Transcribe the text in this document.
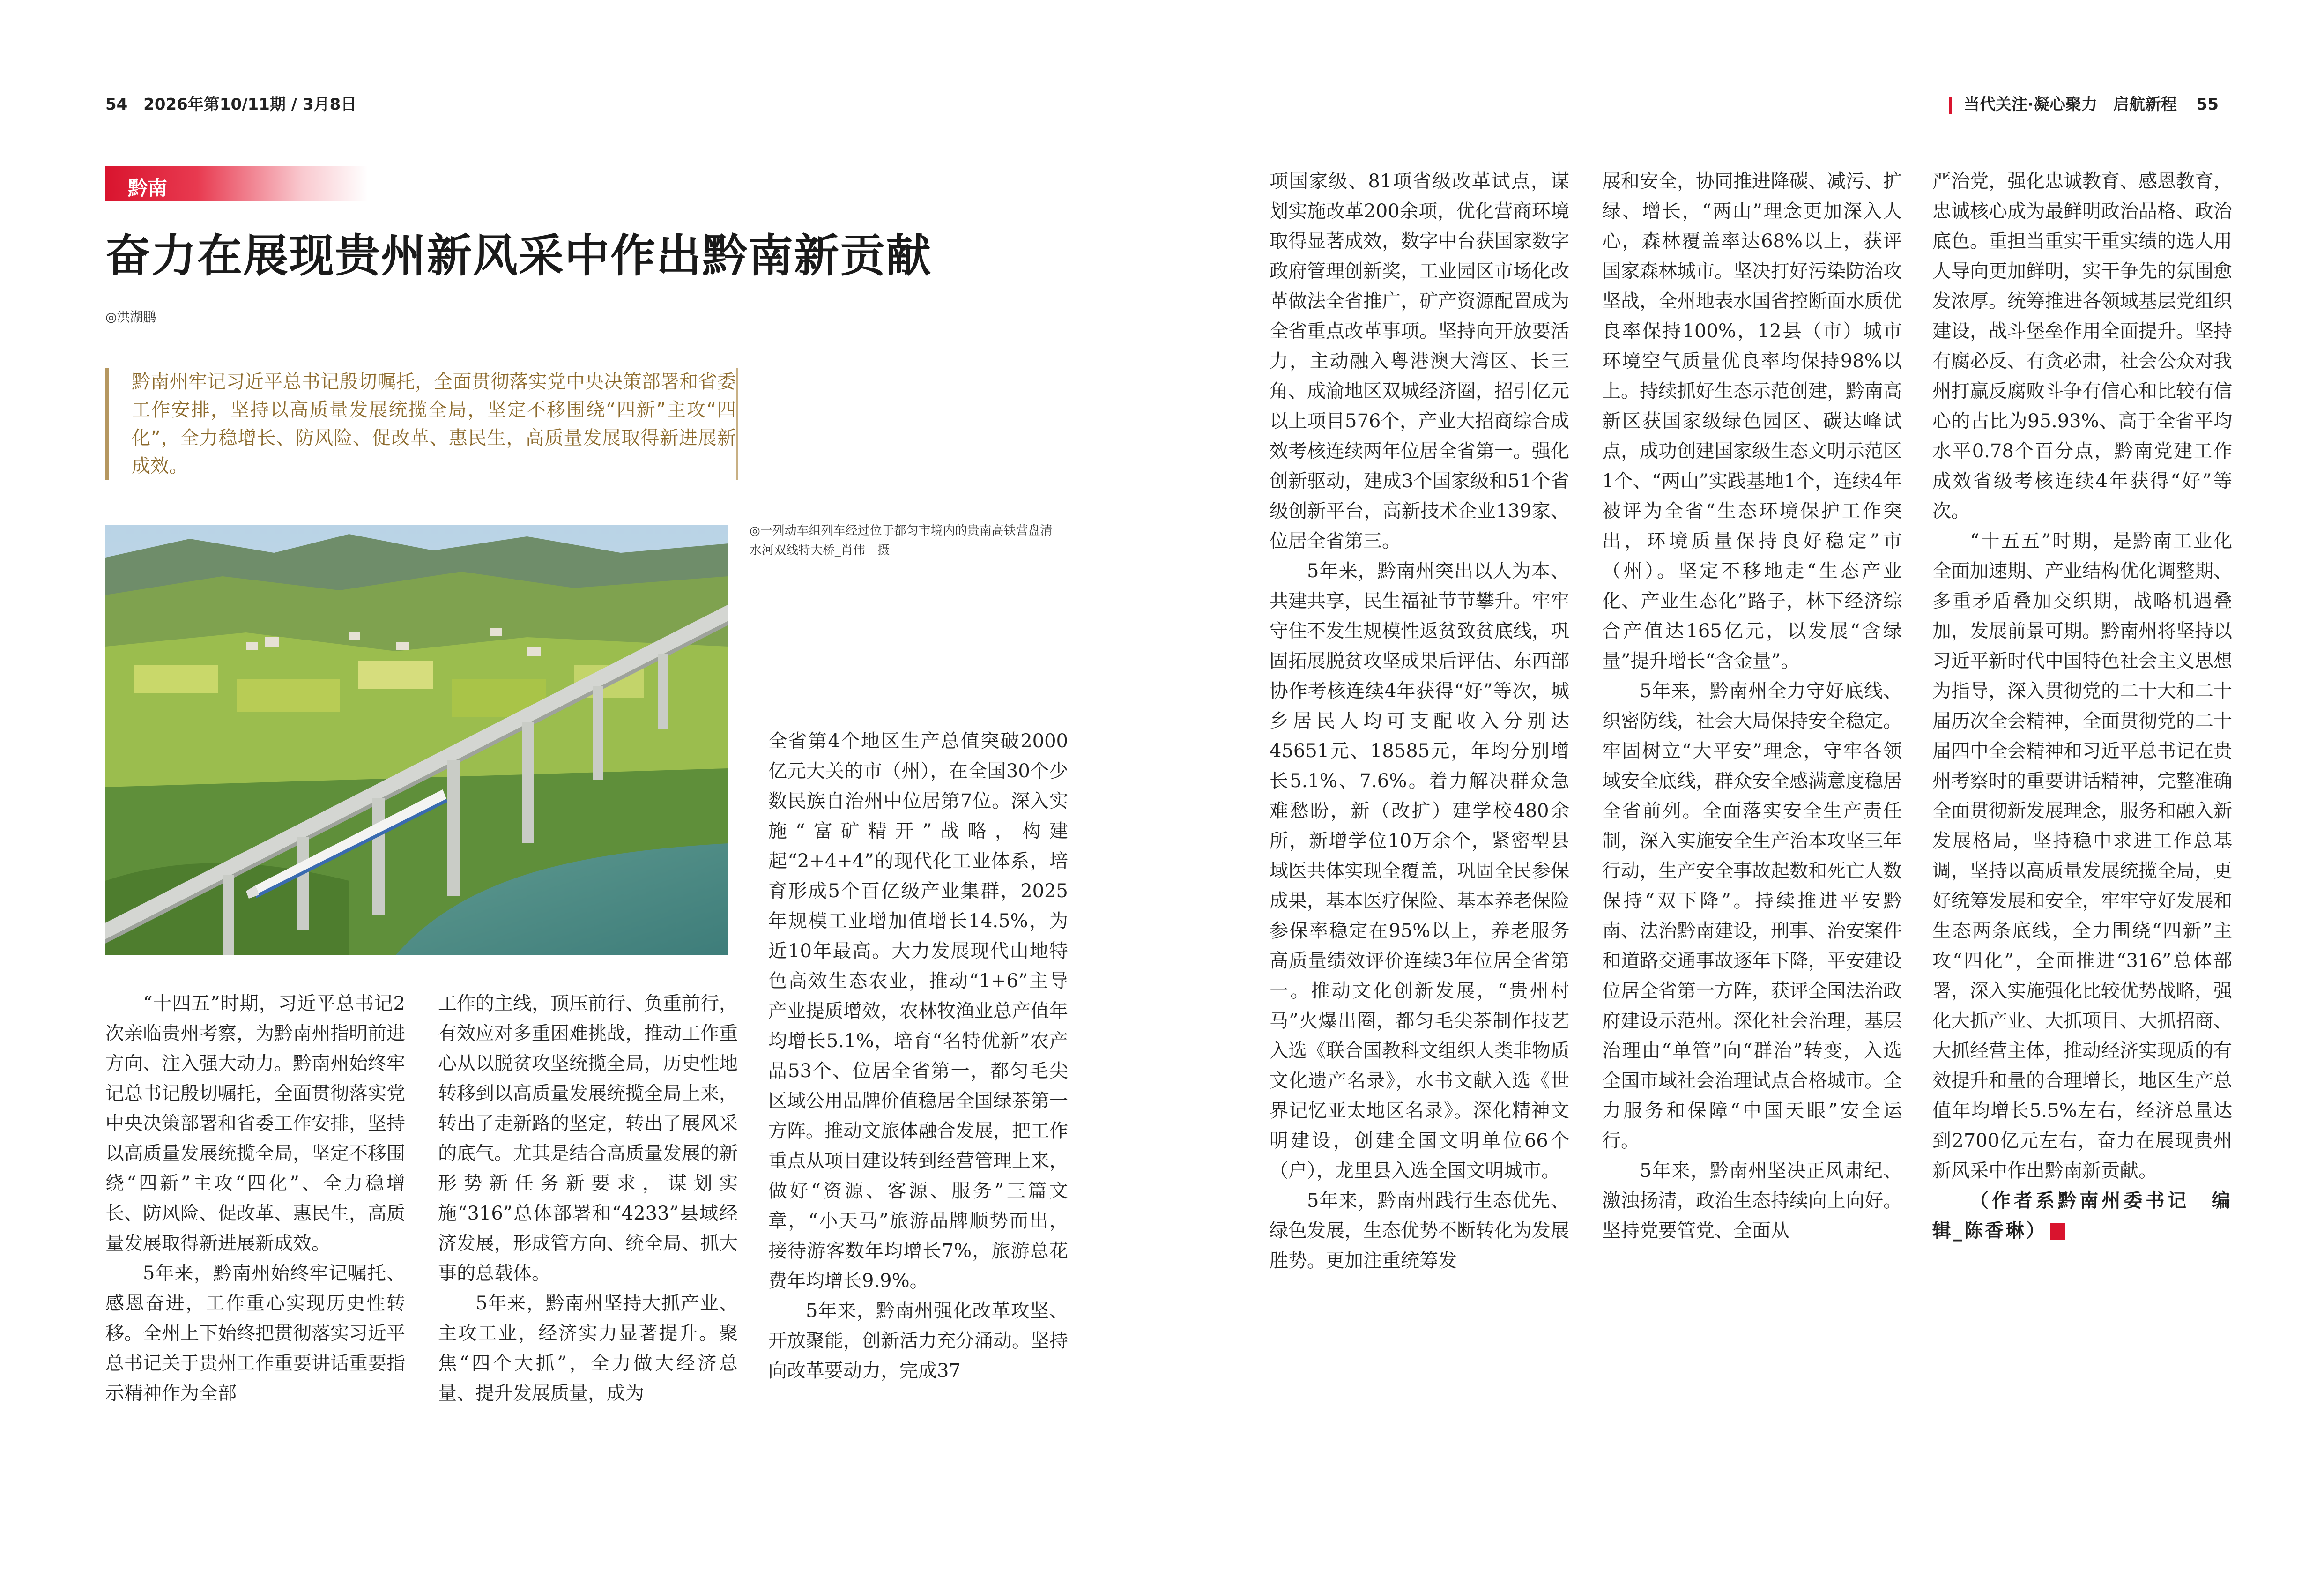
54 2026年第10/11期 / 3月8日	当代关注·凝心聚力　启航新程 55
黔南
奋力在展现贵州新风采中作出黔南新贡献
◎洪湖鹏

黔南州牢记习近平总书记殷切嘱托，全面贯彻落实党中央决策部署和省委工作安排，坚持以高质量发展统揽全局，坚定不移围绕“四新”主攻“四化”，全力稳增长、防风险、促改革、惠民生，高质量发展取得新进展新成效。

◎一列动车组列车经过位于都匀市境内的贵南高铁营盘清水河双线特大桥_肖伟　摄

“十四五”时期，习近平总书记2次亲临贵州考察，为黔南州指明前进方向、注入强大动力。黔南州始终牢记总书记殷切嘱托，全面贯彻落实党中央决策部署和省委工作安排，坚持以高质量发展统揽全局，坚定不移围绕“四新”主攻“四化”、全力稳增长、防风险、促改革、惠民生，高质量发展取得新进展新成效。

5年来，黔南州始终牢记嘱托、感恩奋进，工作重心实现历史性转移。全州上下始终把贯彻落实习近平总书记关于贵州工作重要讲话重要指示精神作为全部

工作的主线，顶压前行、负重前行，有效应对多重困难挑战，推动工作重心从以脱贫攻坚统揽全局，历史性地转移到以高质量发展统揽全局上来，转出了走新路的坚定，转出了展风采的底气。尤其是结合高质量发展的新形势新任务新要求，谋划实施“316”总体部署和“4233”县域经济发展，形成管方向、统全局、抓大事的总载体。

5年来，黔南州坚持大抓产业、主攻工业，经济实力显著提升。聚焦“四个大抓”，全力做大经济总量、提升发展质量，成为

全省第4个地区生产总值突破2000亿元大关的市（州），在全国30个少数民族自治州中位居第7位。深入实施“富矿精开”战略，构建起“2+4+4”的现代化工业体系，培育形成5个百亿级产业集群，2025年规模工业增加值增长14.5%，为近10年最高。大力发展现代山地特色高效生态农业，推动“1+6”主导产业提质增效，农林牧渔业总产值年均增长5.1%，培育“名特优新”农产品53个、位居全省第一，都匀毛尖区域公用品牌价值稳居全国绿茶第一方阵。推动文旅体融合发展，把工作重点从项目建设转到经营管理上来，做好“资源、客源、服务”三篇文章，“小天马”旅游品牌顺势而出，接待游客数年均增长7%，旅游总花费年均增长9.9%。

5年来，黔南州强化改革攻坚、开放聚能，创新活力充分涌动。坚持向改革要动力，完成37

项国家级、81项省级改革试点，谋划实施改革200余项，优化营商环境取得显著成效，数字中台获国家数字政府管理创新奖，工业园区市场化改革做法全省推广，矿产资源配置成为全省重点改革事项。坚持向开放要活力，主动融入粤港澳大湾区、长三角、成渝地区双城经济圈，招引亿元以上项目576个，产业大招商综合成效考核连续两年位居全省第一。强化创新驱动，建成3个国家级和51个省级创新平台，高新技术企业139家、位居全省第三。

5年来，黔南州突出以人为本、共建共享，民生福祉节节攀升。牢牢守住不发生规模性返贫致贫底线，巩固拓展脱贫攻坚成果后评估、东西部协作考核连续4年获得“好”等次，城乡居民人均可支配收入分别达45651元、18585元，年均分别增长5.1%、7.6%。着力解决群众急难愁盼，新（改扩）建学校480余所，新增学位10万余个，紧密型县域医共体实现全覆盖，巩固全民参保成果，基本医疗保险、基本养老保险参保率稳定在95%以上，养老服务高质量绩效评价连续3年位居全省第一。推动文化创新发展，“贵州村马”火爆出圈，都匀毛尖茶制作技艺入选《联合国教科文组织人类非物质文化遗产名录》，水书文献入选《世界记忆亚太地区名录》。深化精神文明建设，创建全国文明单位66个（户），龙里县入选全国文明城市。

5年来，黔南州践行生态优先、绿色发展，生态优势不断转化为发展胜势。更加注重统筹发

展和安全，协同推进降碳、减污、扩绿、增长，“两山”理念更加深入人心，森林覆盖率达68%以上，获评国家森林城市。坚决打好污染防治攻坚战，全州地表水国省控断面水质优良率保持100%，12县（市）城市环境空气质量优良率均保持98%以上。持续抓好生态示范创建，黔南高新区获国家级绿色园区、碳达峰试点，成功创建国家级生态文明示范区1个、“两山”实践基地1个，连续4年被评为全省“生态环境保护工作突出，环境质量保持良好稳定”市（州）。坚定不移地走“生态产业化、产业生态化”路子，林下经济综合产值达165亿元，以发展“含绿量”提升增长“含金量”。

5年来，黔南州全力守好底线、织密防线，社会大局保持安全稳定。牢固树立“大平安”理念，守牢各领域安全底线，群众安全感满意度稳居全省前列。全面落实安全生产责任制，深入实施安全生产治本攻坚三年行动，生产安全事故起数和死亡人数保持“双下降”。持续推进平安黔南、法治黔南建设，刑事、治安案件和道路交通事故逐年下降，平安建设位居全省第一方阵，获评全国法治政府建设示范州。深化社会治理，基层治理由“单管”向“群治”转变，入选全国市域社会治理试点合格城市。全力服务和保障“中国天眼”安全运行。

5年来，黔南州坚决正风肃纪、激浊扬清，政治生态持续向上向好。坚持党要管党、全面从

严治党，强化忠诚教育、感恩教育，忠诚核心成为最鲜明政治品格、政治底色。重担当重实干重实绩的选人用人导向更加鲜明，实干争先的氛围愈发浓厚。统筹推进各领域基层党组织建设，战斗堡垒作用全面提升。坚持有腐必反、有贪必肃，社会公众对我州打赢反腐败斗争有信心和比较有信心的占比为95.93%、高于全省平均水平0.78个百分点，黔南党建工作成效省级考核连续4年获得“好”等次。

“十五五”时期，是黔南工业化全面加速期、产业结构优化调整期、多重矛盾叠加交织期，战略机遇叠加，发展前景可期。黔南州将坚持以习近平新时代中国特色社会主义思想为指导，深入贯彻党的二十大和二十届历次全会精神，全面贯彻党的二十届四中全会精神和习近平总书记在贵州考察时的重要讲话精神，完整准确全面贯彻新发展理念，服务和融入新发展格局，坚持稳中求进工作总基调，坚持以高质量发展统揽全局，更好统筹发展和安全，牢牢守好发展和生态两条底线，全力围绕“四新”主攻“四化”，全面推进“316”总体部署，深入实施强化比较优势战略，强化大抓产业、大抓项目、大抓招商、大抓经营主体，推动经济实现质的有效提升和量的合理增长，地区生产总值年均增长5.5%左右，经济总量达到2700亿元左右，奋力在展现贵州新风采中作出黔南新贡献。

（作者系黔南州委书记　编辑_陈香琳）	D
